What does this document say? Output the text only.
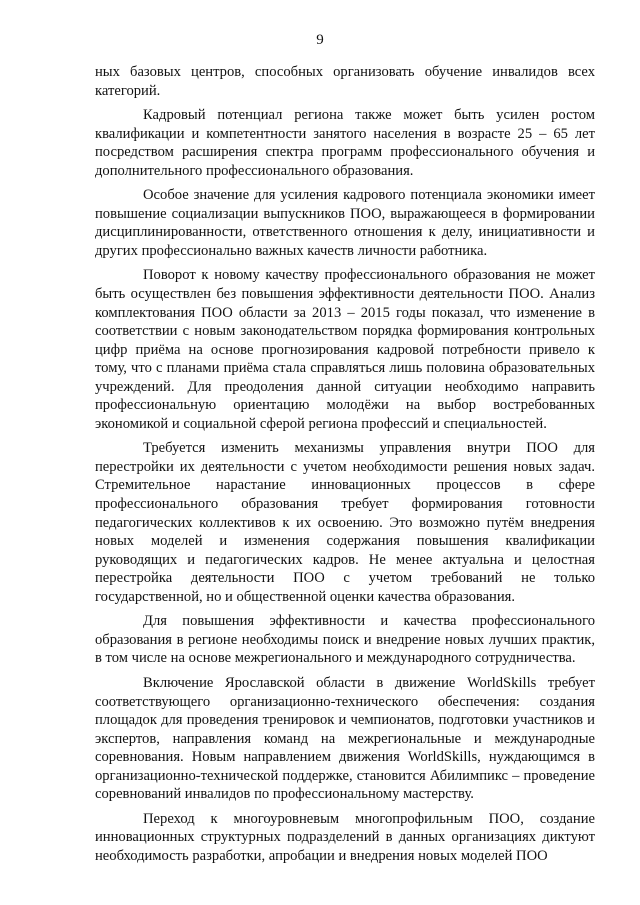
9

ных базовых центров, способных организовать обучение инвалидов всех категорий.

Кадровый потенциал региона также может быть усилен ростом квалификации и компетентности занятого населения в возрасте 25 – 65 лет посредством расширения спектра программ профессионального обучения и дополнительного профессионального образования.

Особое значение для усиления кадрового потенциала экономики имеет повышение социализации выпускников ПОО, выражающееся в формировании дисциплинированности, ответственного отношения к делу, инициативности и других профессионально важных качеств личности работника.

Поворот к новому качеству профессионального образования не может быть осуществлен без повышения эффективности деятельности ПОО. Анализ комплектования ПОО области за 2013 – 2015 годы показал, что изменение в соответствии с новым законодательством порядка формирования контрольных цифр приёма на основе прогнозирования кадровой потребности привело к тому, что с планами приёма стала справляться лишь половина образовательных учреждений. Для преодоления данной ситуации необходимо направить профессиональную ориентацию молодёжи на выбор востребованных экономикой и социальной сферой региона профессий и специальностей.

Требуется изменить механизмы управления внутри ПОО для перестройки их деятельности с учетом необходимости решения новых задач. Стремительное нарастание инновационных процессов в сфере профессионального образования требует формирования готовности педагогических коллективов к их освоению. Это возможно путём внедрения новых моделей и изменения содержания повышения квалификации руководящих и педагогических кадров. Не менее актуальна и целостная перестройка деятельности ПОО с учетом требований не только государственной, но и общественной оценки качества образования.

Для повышения эффективности и качества профессионального образования в регионе необходимы поиск и внедрение новых лучших практик, в том числе на основе межрегионального и международного сотрудничества.

Включение Ярославской области в движение WorldSkills требует соответствующего организационно-технического обеспечения: создания площадок для проведения тренировок и чемпионатов, подготовки участников и экспертов, направления команд на межрегиональные и международные соревнования. Новым направлением движения WorldSkills, нуждающимся в организационно-технической поддержке, становится Абилимпикс – проведение соревнований инвалидов по профессиональному мастерству.

Переход к многоуровневым многопрофильным ПОО, создание инновационных структурных подразделений в данных организациях диктуют необходимость разработки, апробации и внедрения новых моделей ПОО
